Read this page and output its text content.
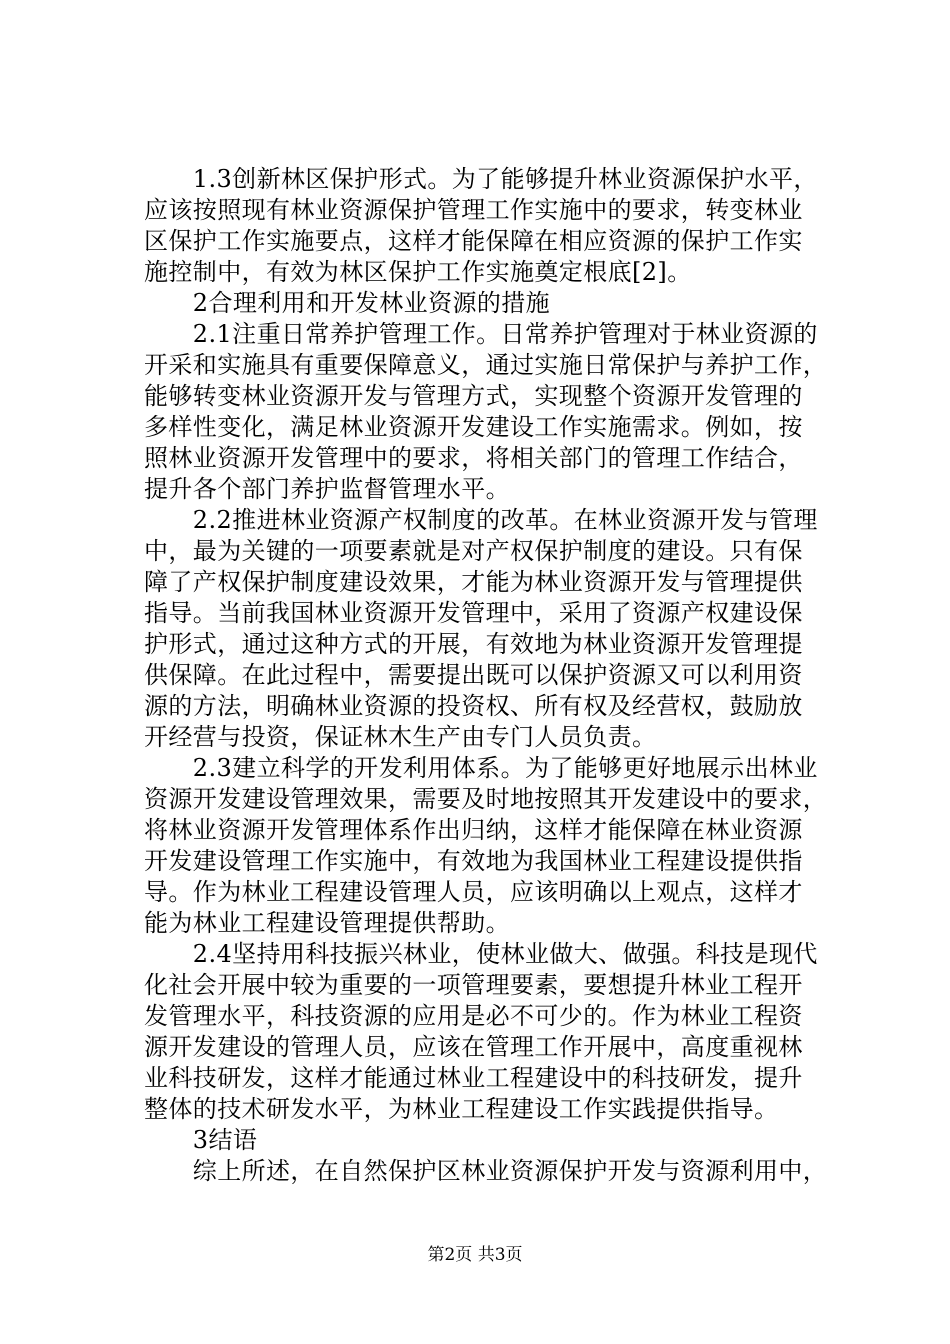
　　1.3创新林区保护形式。为了能够提升林业资源保护水平，
应该按照现有林业资源保护管理工作实施中的要求，转变林业
区保护工作实施要点，这样才能保障在相应资源的保护工作实
施控制中，有效为林区保护工作实施奠定根底[2]。
　　2合理利用和开发林业资源的措施
　　2.1注重日常养护管理工作。日常养护管理对于林业资源的
开采和实施具有重要保障意义，通过实施日常保护与养护工作，
能够转变林业资源开发与管理方式，实现整个资源开发管理的
多样性变化，满足林业资源开发建设工作实施需求。例如，按
照林业资源开发管理中的要求，将相关部门的管理工作结合，
提升各个部门养护监督管理水平。
　　2.2推进林业资源产权制度的改革。在林业资源开发与管理
中，最为关键的一项要素就是对产权保护制度的建设。只有保
障了产权保护制度建设效果，才能为林业资源开发与管理提供
指导。当前我国林业资源开发管理中，采用了资源产权建设保
护形式，通过这种方式的开展，有效地为林业资源开发管理提
供保障。在此过程中，需要提出既可以保护资源又可以利用资
源的方法，明确林业资源的投资权、所有权及经营权，鼓励放
开经营与投资，保证林木生产由专门人员负责。
　　2.3建立科学的开发利用体系。为了能够更好地展示出林业
资源开发建设管理效果，需要及时地按照其开发建设中的要求，
将林业资源开发管理体系作出归纳，这样才能保障在林业资源
开发建设管理工作实施中，有效地为我国林业工程建设提供指
导。作为林业工程建设管理人员，应该明确以上观点，这样才
能为林业工程建设管理提供帮助。
　　2.4坚持用科技振兴林业，使林业做大、做强。科技是现代
化社会开展中较为重要的一项管理要素，要想提升林业工程开
发管理水平，科技资源的应用是必不可少的。作为林业工程资
源开发建设的管理人员，应该在管理工作开展中，高度重视林
业科技研发，这样才能通过林业工程建设中的科技研发，提升
整体的技术研发水平，为林业工程建设工作实践提供指导。
　　3结语
　　综上所述，在自然保护区林业资源保护开发与资源利用中，
第2页 共3页
